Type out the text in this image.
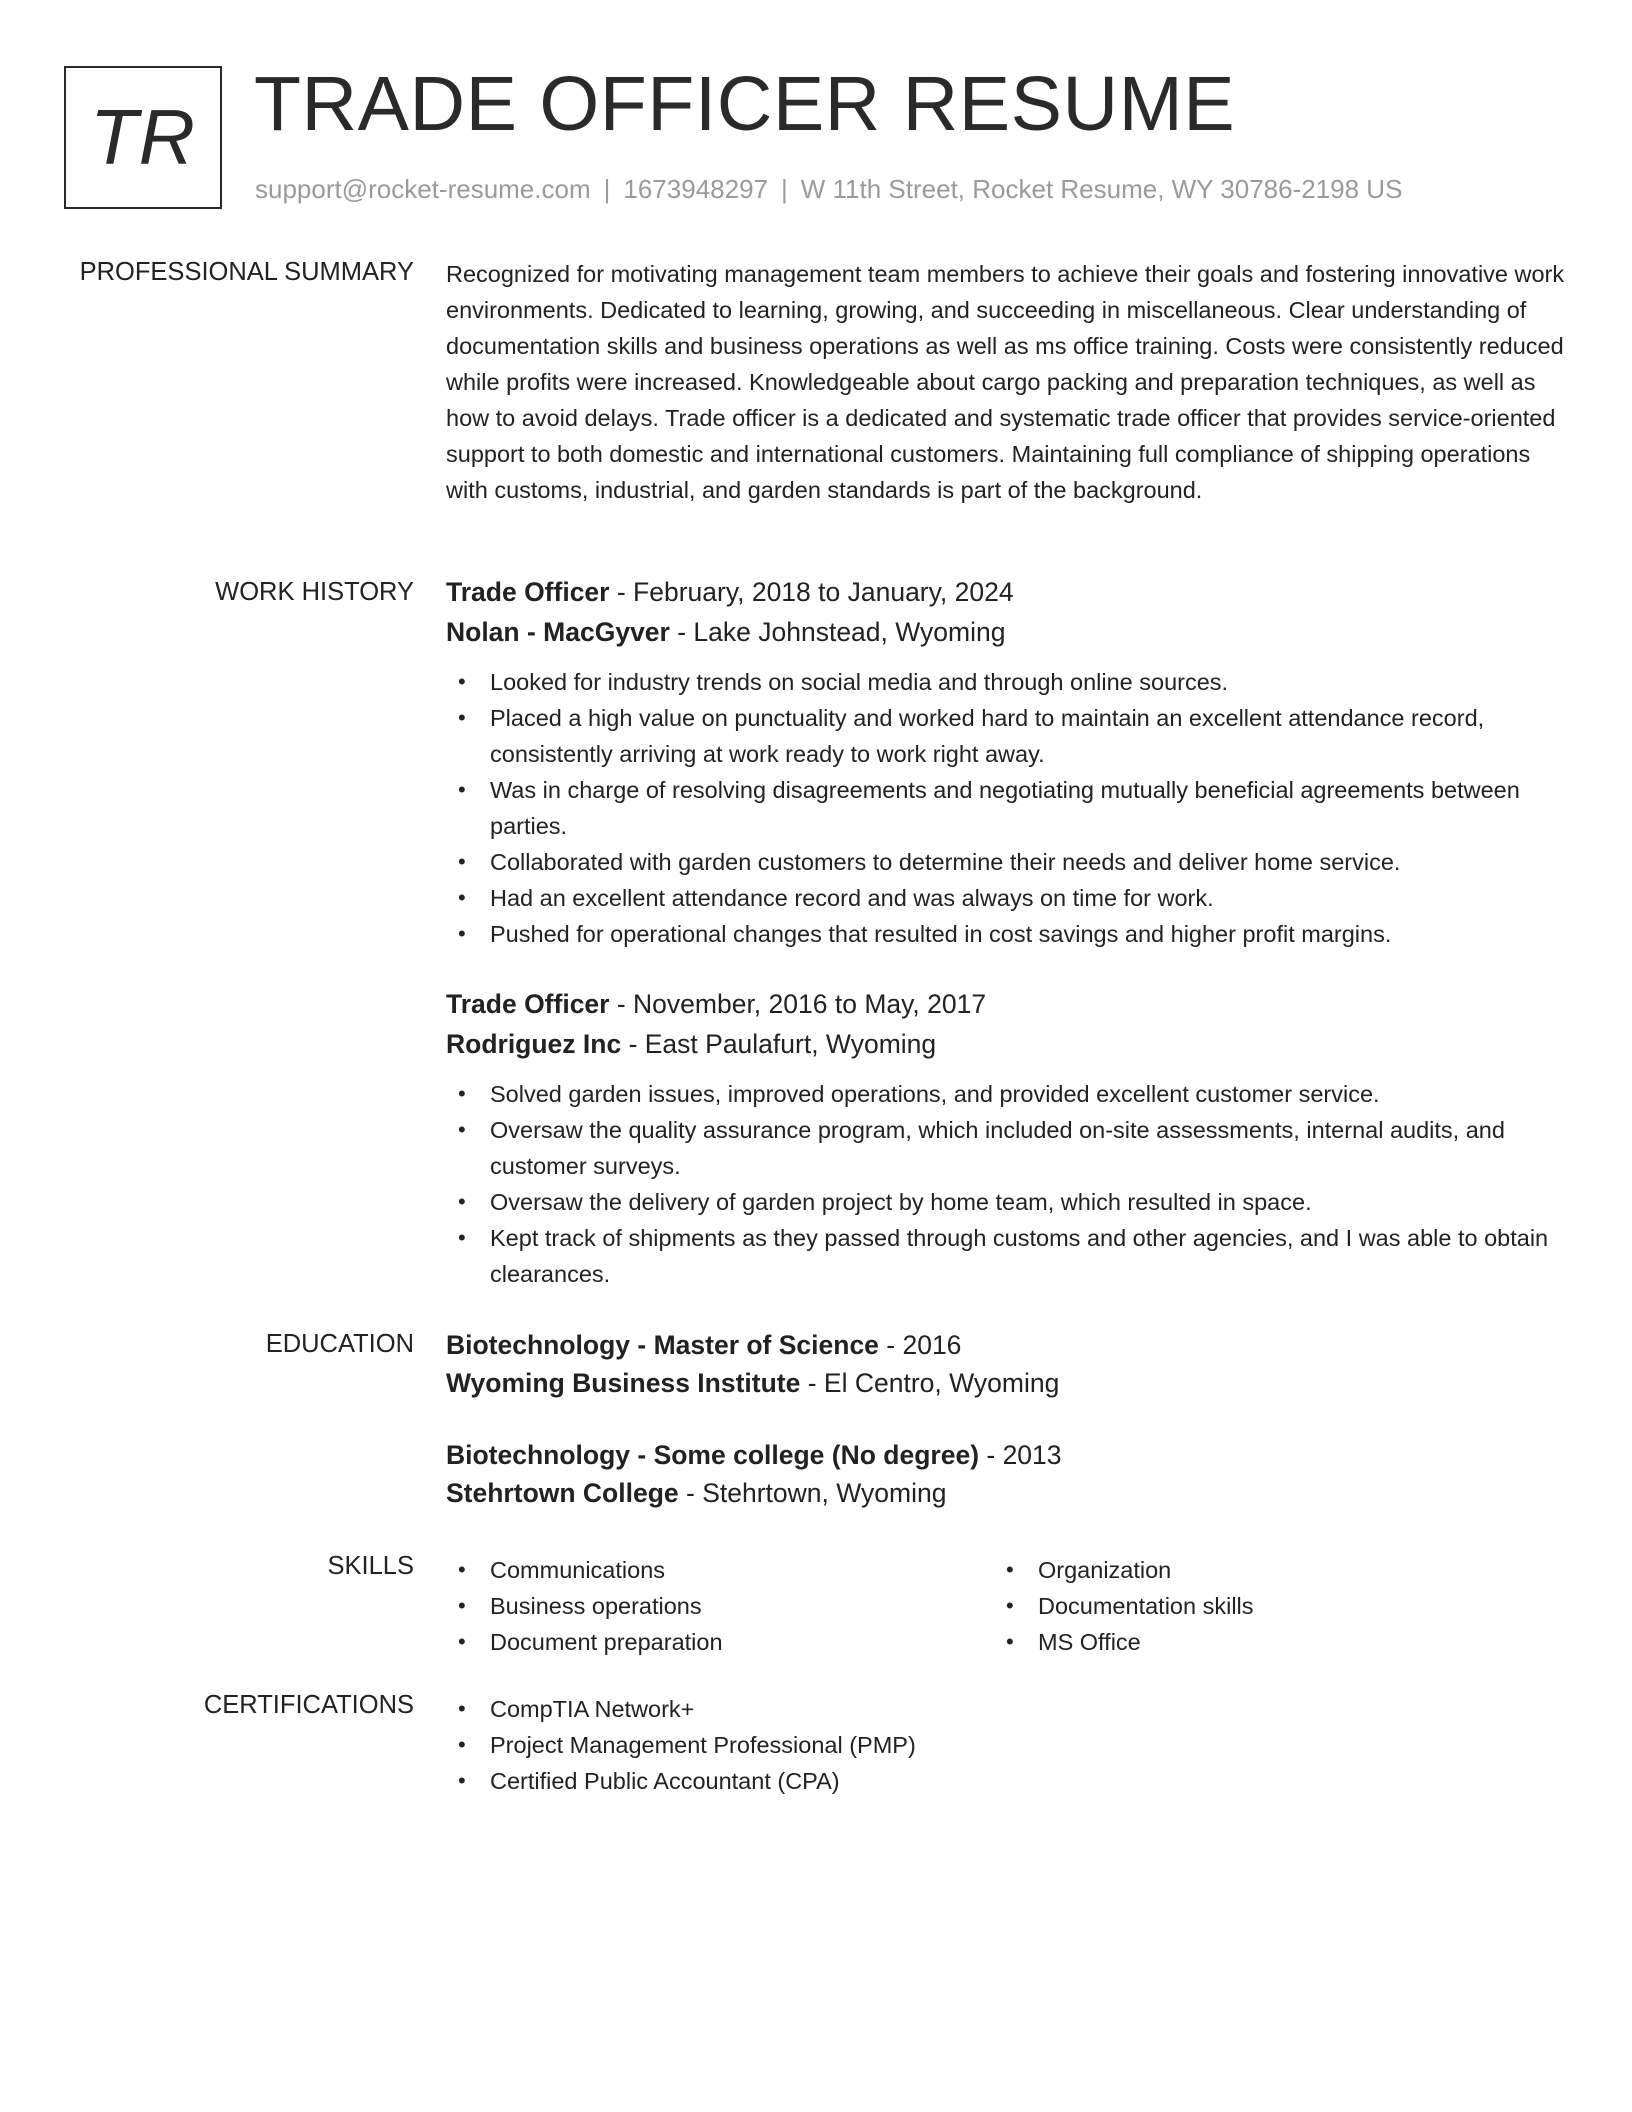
TR TRADE OFFICER RESUME
support@rocket-resume.com | 1673948297 | W 11th Street, Rocket Resume, WY 30786-2198 US
PROFESSIONAL SUMMARY Recognized for motivating management team members to achieve their goals and fostering innovative work environments. Dedicated to learning, growing, and succeeding in miscellaneous. Clear understanding of documentation skills and business operations as well as ms office training. Costs were consistently reduced while profits were increased. Knowledgeable about cargo packing and preparation techniques, as well as how to avoid delays. Trade officer is a dedicated and systematic trade officer that provides service-oriented support to both domestic and international customers. Maintaining full compliance of shipping operations with customs, industrial, and garden standards is part of the background.

WORK HISTORY Trade Officer - February, 2018 to January, 2024
Nolan - MacGyver - Lake Johnstead, Wyoming
• Looked for industry trends on social media and through online sources.
• Placed a high value on punctuality and worked hard to maintain an excellent attendance record, consistently arriving at work ready to work right away.
• Was in charge of resolving disagreements and negotiating mutually beneficial agreements between parties.
• Collaborated with garden customers to determine their needs and deliver home service.
• Had an excellent attendance record and was always on time for work.
• Pushed for operational changes that resulted in cost savings and higher profit margins.
Trade Officer - November, 2016 to May, 2017
Rodriguez Inc - East Paulafurt, Wyoming
• Solved garden issues, improved operations, and provided excellent customer service.
• Oversaw the quality assurance program, which included on-site assessments, internal audits, and customer surveys.
• Oversaw the delivery of garden project by home team, which resulted in space.
• Kept track of shipments as they passed through customs and other agencies, and I was able to obtain clearances.
EDUCATION Biotechnology - Master of Science - 2016
Wyoming Business Institute - El Centro, Wyoming
Biotechnology - Some college (No degree) - 2013
Stehrtown College - Stehrtown, Wyoming
SKILLS	• Communications
• Business operations
• Document preparation
• Organization
• Documentation skills
• MS Office
CERTIFICATIONS	• CompTIA Network+
• Project Management Professional (PMP)
• Certified Public Accountant (CPA)
